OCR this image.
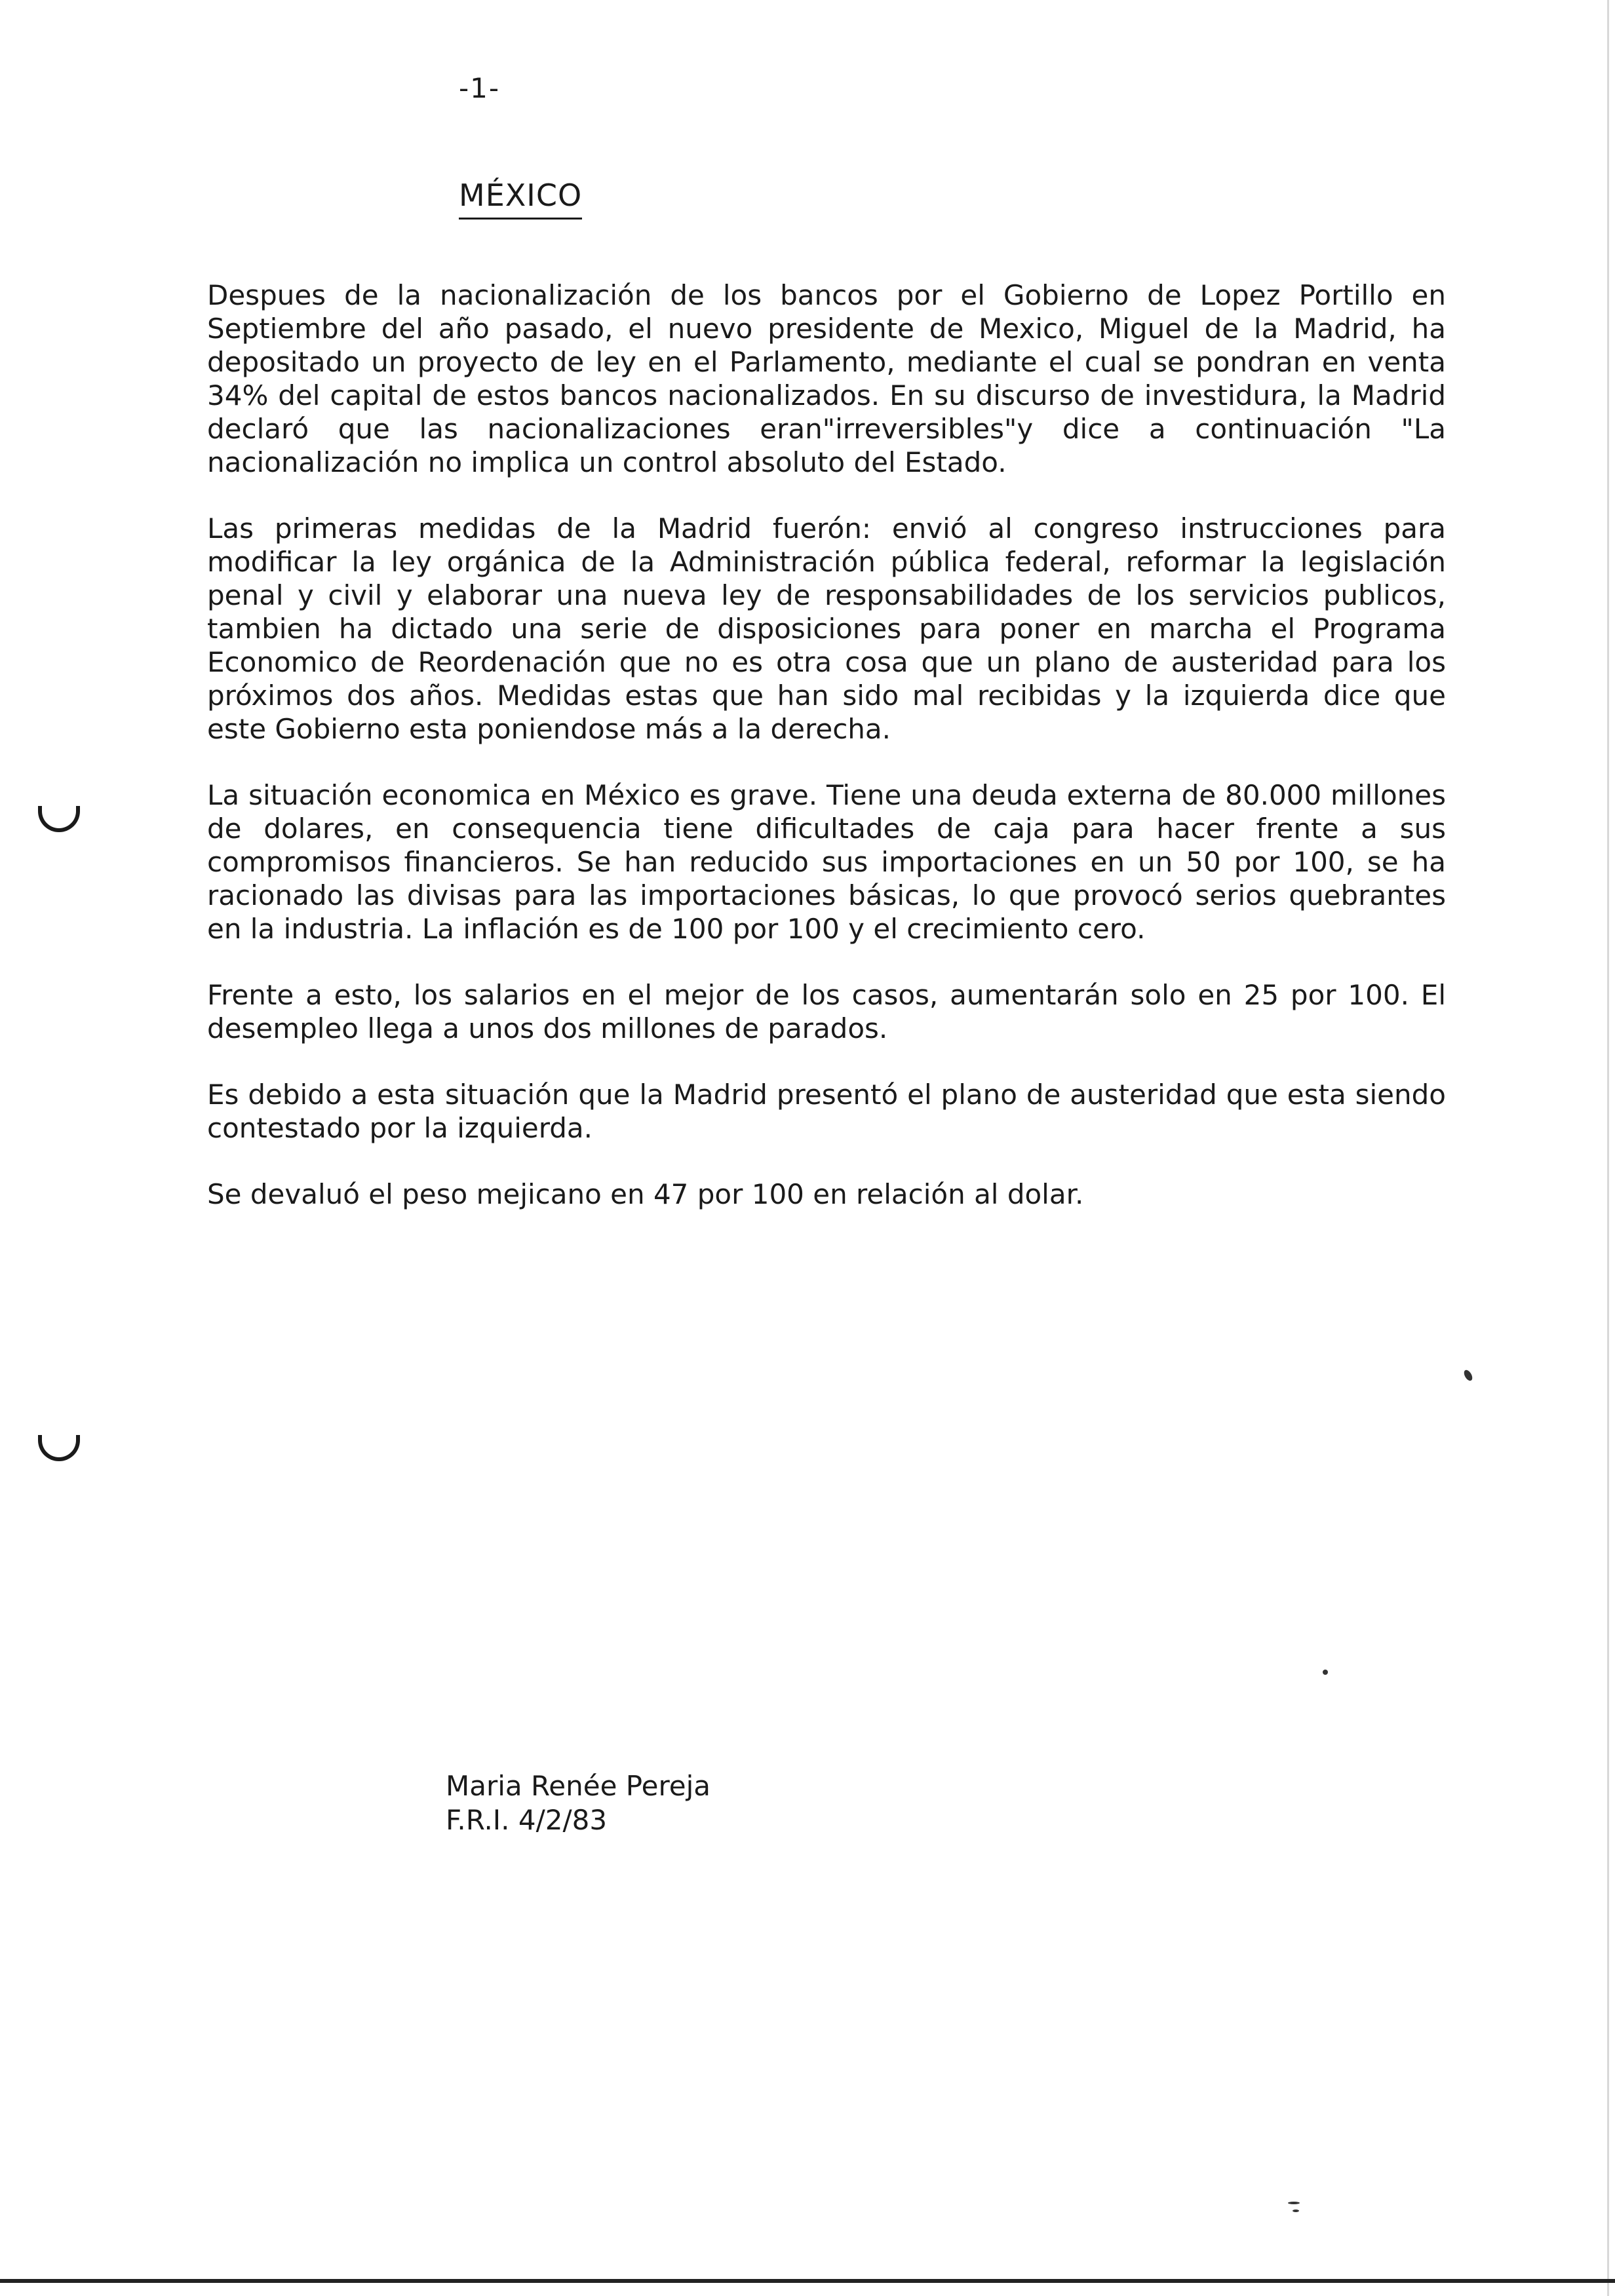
-1-
MÉXICO

Despues de la nacionalización de los bancos por el Gobierno de Lopez Portillo en Septiembre del año pasado, el nuevo presidente de Mexico, Miguel de la Madrid, ha depositado un proyecto de ley en el Parlamento, mediante el cual se pondran en venta 34% del capital de estos bancos nacionalizados. En su discurso de investidura, la Madrid declaró que las nacionalizaciones eran"irreversibles"y dice a continuación "La nacionalización no implica un control absoluto del Estado.

Las primeras medidas de la Madrid fuerón: envió al congreso instrucciones para modificar la ley orgánica de la Administración pública federal, reformar la legislación penal y civil y elaborar una nueva ley de responsabilidades de los servicios publicos, tambien ha dictado una serie de disposiciones para poner en marcha el Programa Economico de Reordenación que no es otra cosa que un plano de austeridad para los próximos dos años. Medidas estas que han sido mal recibidas y la izquierda dice que este Gobierno esta poniendose más a la derecha.

La situación economica en México es grave. Tiene una deuda externa de 80.000 millones de dolares, en consequencia tiene dificultades de caja para hacer frente a sus compromisos financieros. Se han reducido sus importaciones en un 50 por 100, se ha racionado las divisas para las importaciones básicas, lo que provocó serios quebrantes en la industria. La inflación es de 100 por 100 y el crecimiento cero.

Frente a esto, los salarios en el mejor de los casos, aumentarán solo en 25 por 100. El desempleo llega a unos dos millones de parados.

Es debido a esta situación que la Madrid presentó el plano de austeridad que esta siendo contestado por la izquierda.

Se devaluó el peso mejicano en 47 por 100 en relación al dolar.

Maria Renée Pereja
F.R.I. 4/2/83
